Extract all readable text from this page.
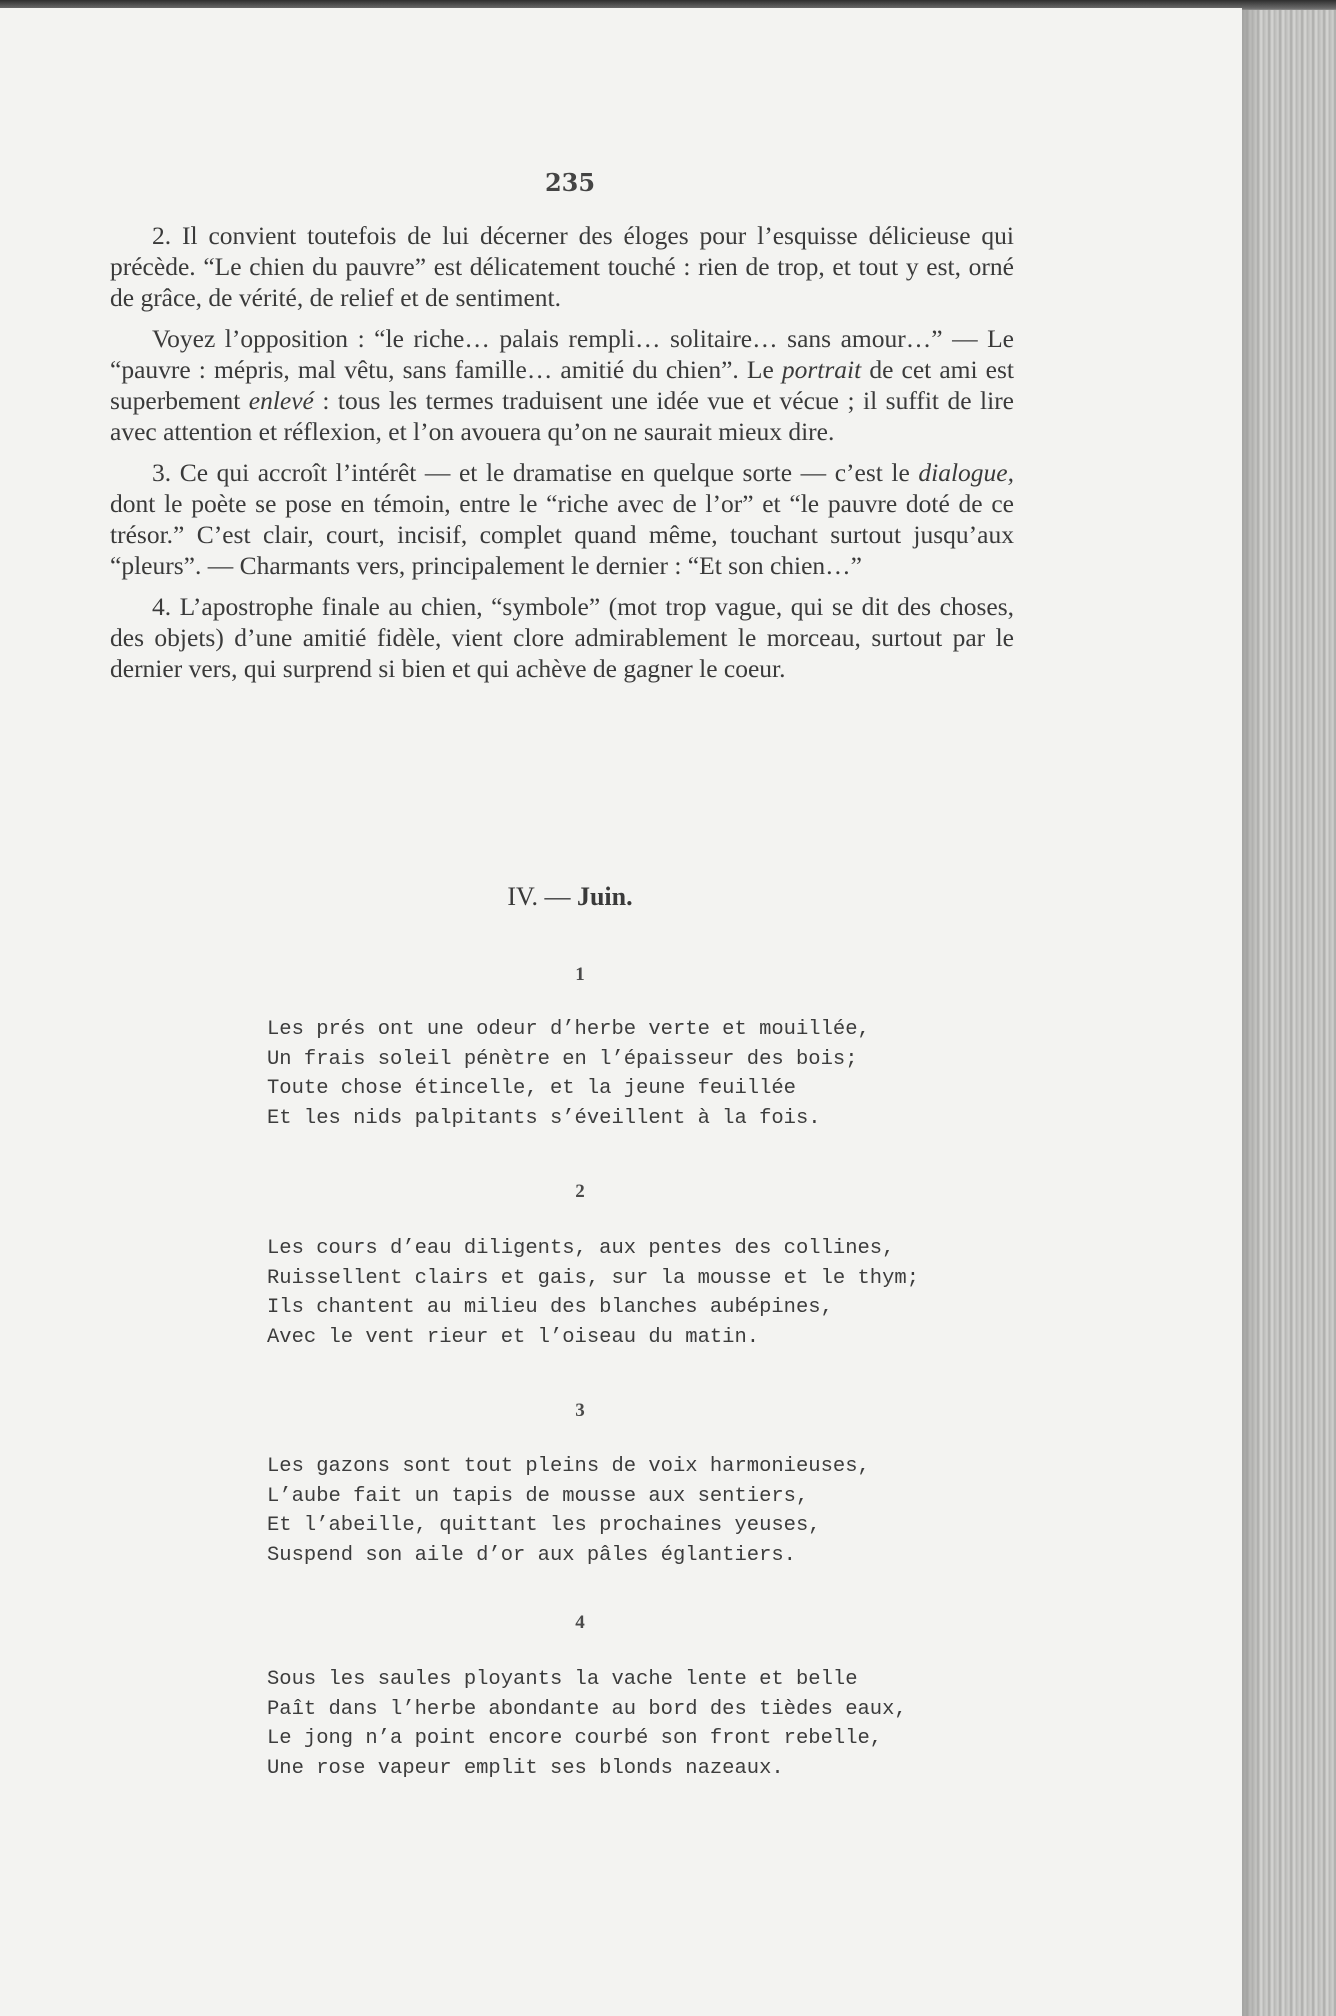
235

2. Il convient toutefois de lui décerner des éloges pour l’esquisse délicieuse qui précède. “Le chien du pauvre” est délicatement touché : rien de trop, et tout y est, orné de grâce, de vérité, de relief et de sentiment.

Voyez l’opposition : “le riche… palais rempli… solitaire… sans amour…” — Le “pauvre : mépris, mal vêtu, sans famille… amitié du chien”. Le portrait de cet ami est superbement enlevé : tous les termes traduisent une idée vue et vécue ; il suffit de lire avec attention et réflexion, et l’on avouera qu’on ne saurait mieux dire.

3. Ce qui accroît l’intérêt — et le dramatise en quelque sorte — c’est le dialogue, dont le poète se pose en témoin, entre le “riche avec de l’or” et “le pauvre doté de ce trésor.” C’est clair, court, incisif, complet quand même, touchant surtout jusqu’aux “pleurs”. — Charmants vers, principalement le dernier : “Et son chien…”

4. L’apostrophe finale au chien, “symbole” (mot trop vague, qui se dit des choses, des objets) d’une amitié fidèle, vient clore admirablement le morceau, surtout par le dernier vers, qui surprend si bien et qui achève de gagner le coeur.

IV. — Juin.
1
Les prés ont une odeur d’herbe verte et mouillée,
Un frais soleil pénètre en l’épaisseur des bois;
Toute chose étincelle, et la jeune feuillée
Et les nids palpitants s’éveillent à la fois.
2
Les cours d’eau diligents, aux pentes des collines,
Ruissellent clairs et gais, sur la mousse et le thym;
Ils chantent au milieu des blanches aubépines,
Avec le vent rieur et l’oiseau du matin.
3
Les gazons sont tout pleins de voix harmonieuses,
L’aube fait un tapis de mousse aux sentiers,
Et l’abeille, quittant les prochaines yeuses,
Suspend son aile d’or aux pâles églantiers.
4
Sous les saules ployants la vache lente et belle
Paît dans l’herbe abondante au bord des tièdes eaux,
Le jong n’a point encore courbé son front rebelle,
Une rose vapeur emplit ses blonds nazeaux.
